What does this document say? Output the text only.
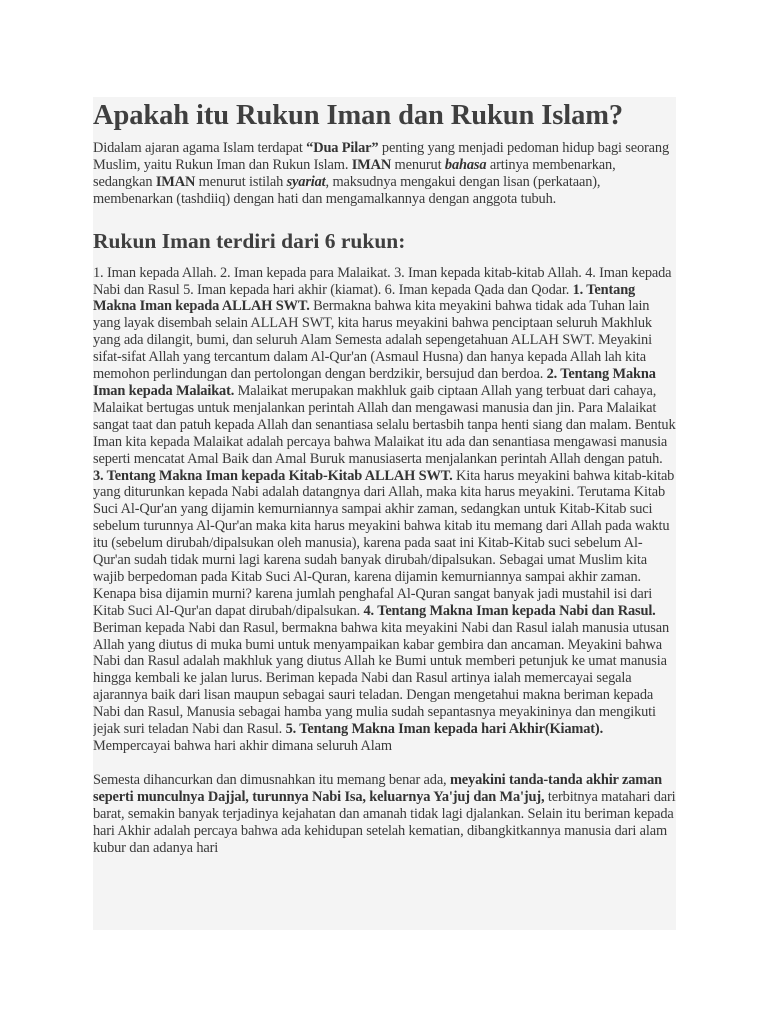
Apakah itu Rukun Iman dan Rukun Islam?

Didalam ajaran agama Islam terdapat “Dua Pilar” penting yang menjadi pedoman hidup bagi seorang Muslim, yaitu Rukun Iman dan Rukun Islam. IMAN menurut bahasa artinya membenarkan, sedangkan IMAN menurut istilah syariat, maksudnya mengakui dengan lisan (perkataan), membenarkan (tashdiiq) dengan hati dan mengamalkannya dengan anggota tubuh.

Rukun Iman terdiri dari 6 rukun:

1. Iman kepada Allah. 2. Iman kepada para Malaikat. 3. Iman kepada kitab-kitab Allah. 4. Iman kepada Nabi dan Rasul 5. Iman kepada hari akhir (kiamat). 6. Iman kepada Qada dan Qodar. 1. Tentang Makna Iman kepada ALLAH SWT. Bermakna bahwa kita meyakini bahwa tidak ada Tuhan lain yang layak disembah selain ALLAH SWT, kita harus meyakini bahwa penciptaan seluruh Makhluk yang ada dilangit, bumi, dan seluruh Alam Semesta adalah sepengetahuan ALLAH SWT. Meyakini sifat-sifat Allah yang tercantum dalam Al-Qur'an (Asmaul Husna) dan hanya kepada Allah lah kita memohon perlindungan dan pertolongan dengan berdzikir, bersujud dan berdoa. 2. Tentang Makna Iman kepada Malaikat. Malaikat merupakan makhluk gaib ciptaan Allah yang terbuat dari cahaya, Malaikat bertugas untuk menjalankan perintah Allah dan mengawasi manusia dan jin. Para Malaikat sangat taat dan patuh kepada Allah dan senantiasa selalu bertasbih tanpa henti siang dan malam. Bentuk Iman kita kepada Malaikat adalah percaya bahwa Malaikat itu ada dan senantiasa mengawasi manusia seperti mencatat Amal Baik dan Amal Buruk manusiaserta menjalankan perintah Allah dengan patuh. 3. Tentang Makna Iman kepada Kitab-Kitab ALLAH SWT. Kita harus meyakini bahwa kitab-kitab yang diturunkan kepada Nabi adalah datangnya dari Allah, maka kita harus meyakini. Terutama Kitab Suci Al-Qur'an yang dijamin kemurniannya sampai akhir zaman, sedangkan untuk Kitab-Kitab suci sebelum turunnya Al-Qur'an maka kita harus meyakini bahwa kitab itu memang dari Allah pada waktu itu (sebelum dirubah/dipalsukan oleh manusia), karena pada saat ini Kitab-Kitab suci sebelum Al-Qur'an sudah tidak murni lagi karena sudah banyak dirubah/dipalsukan. Sebagai umat Muslim kita wajib berpedoman pada Kitab Suci Al-Quran, karena dijamin kemurniannya sampai akhir zaman. Kenapa bisa dijamin murni? karena jumlah penghafal Al-Quran sangat banyak jadi mustahil isi dari Kitab Suci Al-Qur'an dapat dirubah/dipalsukan. 4. Tentang Makna Iman kepada Nabi dan Rasul. Beriman kepada Nabi dan Rasul, bermakna bahwa kita meyakini Nabi dan Rasul ialah manusia utusan Allah yang diutus di muka bumi untuk menyampaikan kabar gembira dan ancaman. Meyakini bahwa Nabi dan Rasul adalah makhluk yang diutus Allah ke Bumi untuk memberi petunjuk ke umat manusia hingga kembali ke jalan lurus. Beriman kepada Nabi dan Rasul artinya ialah memercayai segala ajarannya baik dari lisan maupun sebagai sauri teladan. Dengan mengetahui makna beriman kepada Nabi dan Rasul, Manusia sebagai hamba yang mulia sudah sepantasnya meyakininya dan mengikuti jejak suri teladan Nabi dan Rasul. 5. Tentang Makna Iman kepada hari Akhir(Kiamat). Mempercayai bahwa hari akhir dimana seluruh Alam

Semesta dihancurkan dan dimusnahkan itu memang benar ada, meyakini tanda-tanda akhir zaman seperti munculnya Dajjal, turunnya Nabi Isa, keluarnya Ya'juj dan Ma'juj, terbitnya matahari dari barat, semakin banyak terjadinya kejahatan dan amanah tidak lagi djalankan. Selain itu beriman kepada hari Akhir adalah percaya bahwa ada kehidupan setelah kematian, dibangkitkannya manusia dari alam kubur dan adanya hari
